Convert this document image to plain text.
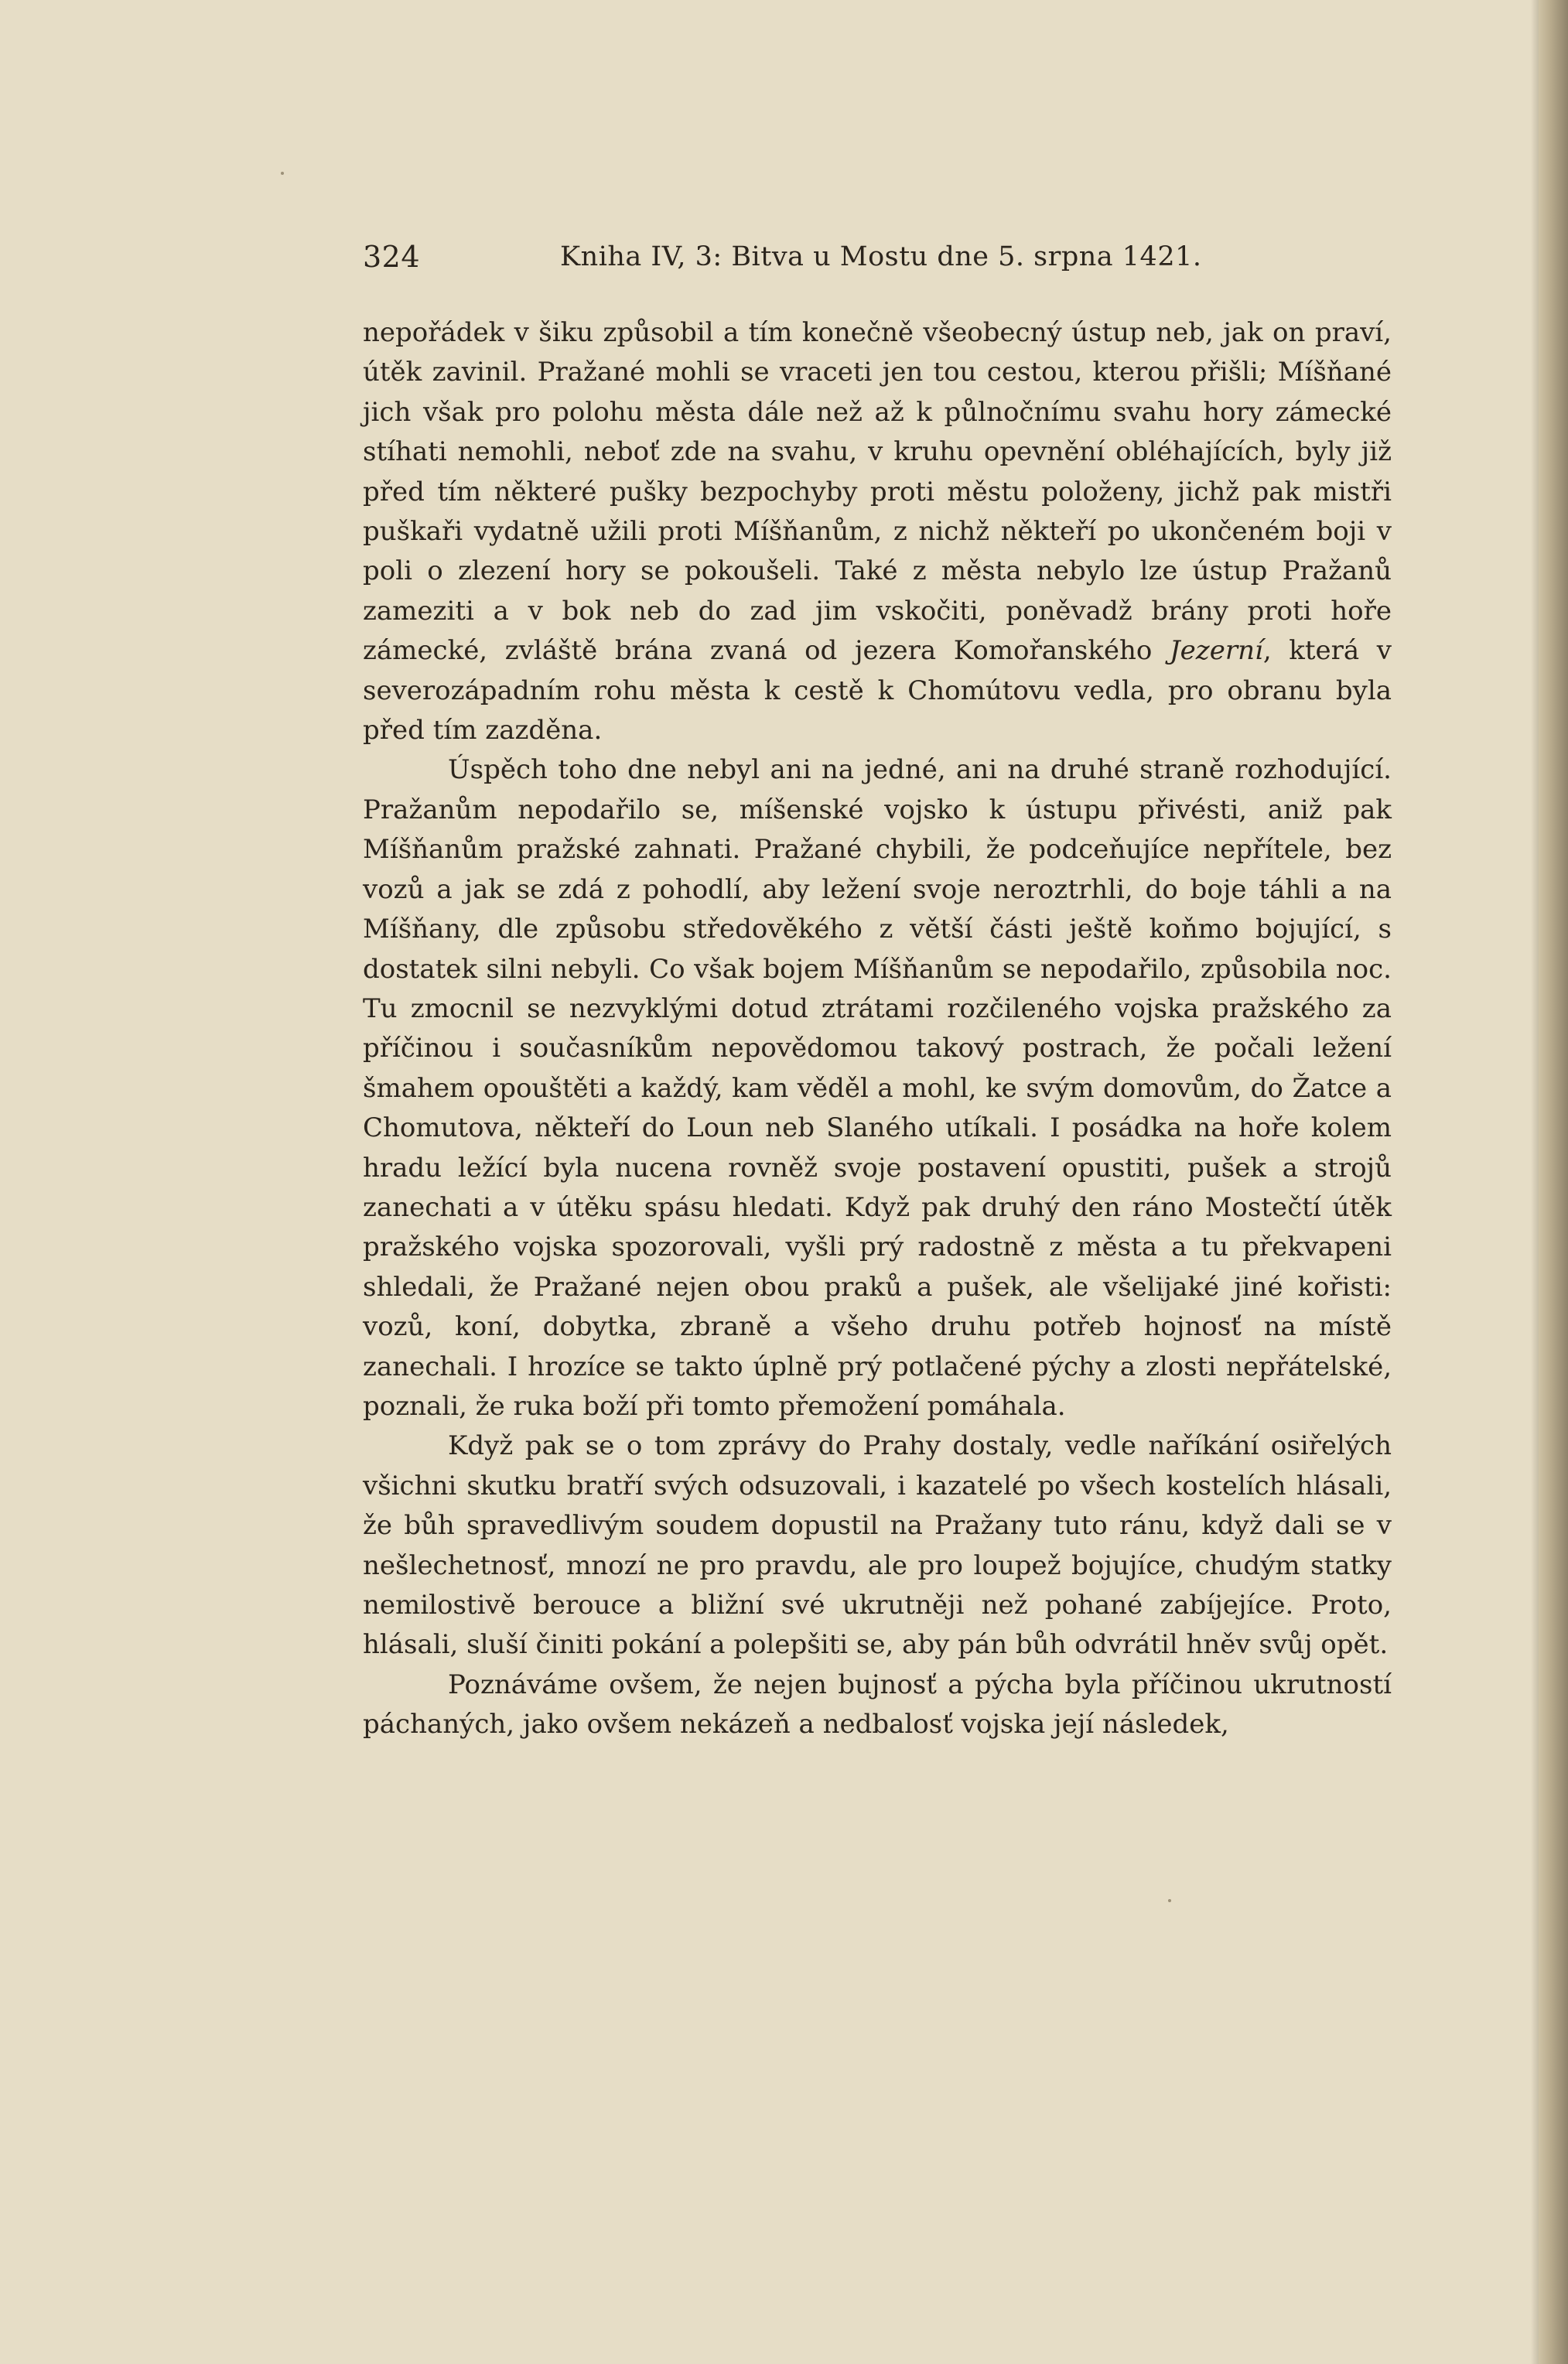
324	Kniha IV, 3: Bitva u Mostu dne 5. srpna 1421.

nepořádek v šiku způsobil a tím konečně všeobecný ústup neb, jak on praví, útěk zavinil. Pražané mohli se vraceti jen tou cestou, kterou přišli; Míšňané jich však pro polohu města dále než až k půlnočnímu svahu hory zámecké stíhati nemohli, neboť zde na svahu, v kruhu opevnění obléhajících, byly již před tím některé pušky bezpochyby proti městu položeny, jichž pak mistři puškaři vydatně užili proti Míšňanům, z nichž někteří po ukončeném boji v poli o zlezení hory se pokoušeli. Také z města nebylo lze ústup Pražanů zameziti a v bok neb do zad jim vskočiti, poněvadž brány proti hoře zámecké, zvláště brána zvaná od jezera Komořanského Jezerní, která v severozápadním rohu města k cestě k Chomútovu vedla, pro obranu byla před tím zazděna.

Úspěch toho dne nebyl ani na jedné, ani na druhé straně rozhodující. Pražanům nepodařilo se, míšenské vojsko k ústupu přivésti, aniž pak Míšňanům pražské zahnati. Pražané chybili, že podceňujíce nepřítele, bez vozů a jak se zdá z pohodlí, aby ležení svoje neroztrhli, do boje táhli a na Míšňany, dle způsobu středověkého z větší části ještě koňmo bojující, s dostatek silni nebyli. Co však bojem Míšňanům se nepodařilo, způsobila noc. Tu zmocnil se nezvyklými dotud ztrátami rozčileného vojska pražského za příčinou i současníkům nepovědomou takový postrach, že počali ležení šmahem opouštěti a každý, kam věděl a mohl, ke svým domovům, do Žatce a Chomutova, někteří do Loun neb Slaného utíkali. I posádka na hoře kolem hradu ležící byla nucena rovněž svoje postavení opustiti, pušek a strojů zanechati a v útěku spásu hledati. Když pak druhý den ráno Mostečtí útěk pražského vojska spozorovali, vyšli prý radostně z města a tu překvapeni shledali, že Pražané nejen obou praků a pušek, ale všelijaké jiné kořisti: vozů, koní, dobytka, zbraně a všeho druhu potřeb hojnosť na místě zanechali. I hrozíce se takto úplně prý potlačené pýchy a zlosti nepřátelské, poznali, že ruka boží při tomto přemožení pomáhala.

Když pak se o tom zprávy do Prahy dostaly, vedle naříkání osiřelých všichni skutku bratří svých odsuzovali, i kazatelé po všech kostelích hlásali, že bůh spravedlivým soudem dopustil na Pražany tuto ránu, když dali se v nešlechetnosť, mnozí ne pro pravdu, ale pro loupež bojujíce, chudým statky nemilostivě berouce a bližní své ukrutněji než pohané zabíjejíce. Proto, hlásali, sluší činiti pokání a polepšiti se, aby pán bůh odvrátil hněv svůj opět.

Poznáváme ovšem, že nejen bujnosť a pýcha byla příčinou ukrutností páchaných, jako ovšem nekázeň a nedbalosť vojska její následek,
